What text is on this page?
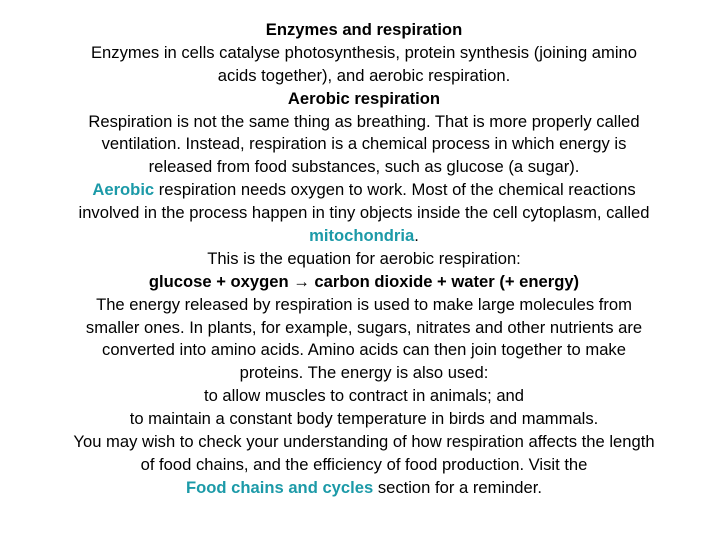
Enzymes and respiration
Enzymes in cells catalyse photosynthesis, protein synthesis (joining amino
acids together), and aerobic respiration.
Aerobic respiration
Respiration is not the same thing as breathing. That is more properly called
ventilation. Instead, respiration is a chemical process in which energy is
released from food substances, such as glucose (a sugar).
Aerobic respiration needs oxygen to work. Most of the chemical reactions
involved in the process happen in tiny objects inside the cell cytoplasm, called
mitochondria.
This is the equation for aerobic respiration:
glucose + oxygen → carbon dioxide + water (+ energy)
The energy released by respiration is used to make large molecules from
smaller ones. In plants, for example, sugars, nitrates and other nutrients are
converted into amino acids. Amino acids can then join together to make
proteins. The energy is also used:
to allow muscles to contract in animals; and
to maintain a constant body temperature in birds and mammals.
You may wish to check your understanding of how respiration affects the length
of food chains, and the efficiency of food production. Visit the
Food chains and cycles section for a reminder.
